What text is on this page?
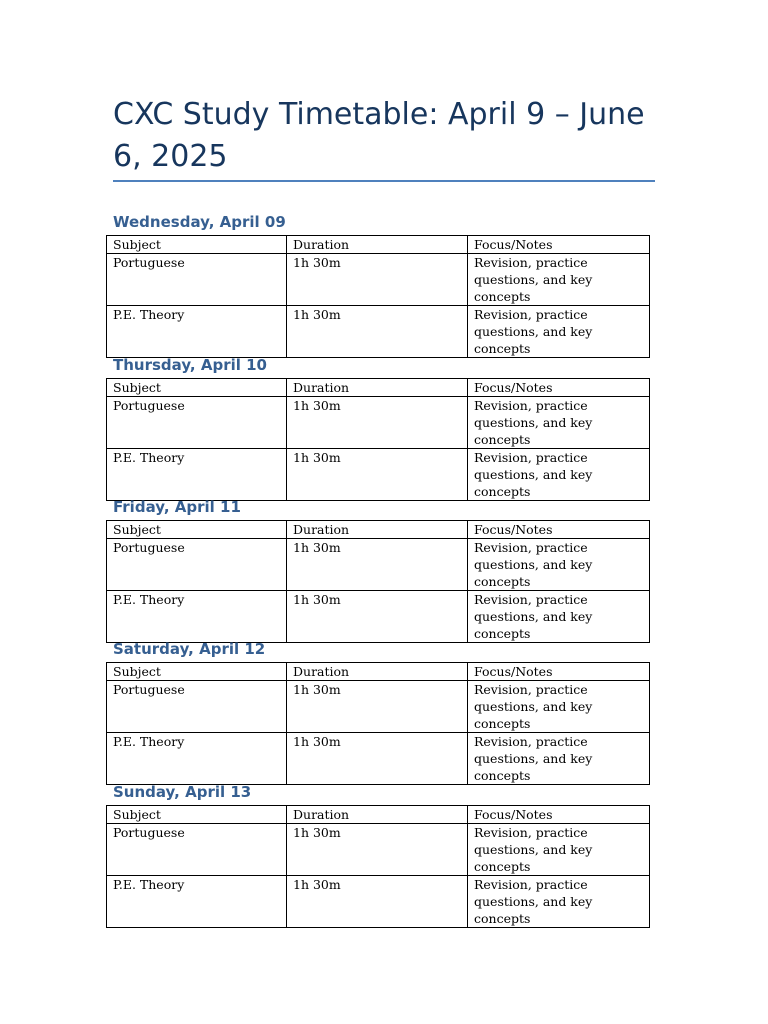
CXC Study Timetable: April 9 – June 6, 2025
Wednesday, April 09
Subject	Duration	Focus/Notes
Portuguese	1h 30m	Revision, practice questions, and key concepts
P.E. Theory	1h 30m	Revision, practice questions, and key concepts
Thursday, April 10
Subject	Duration	Focus/Notes
Portuguese	1h 30m	Revision, practice questions, and key concepts
P.E. Theory	1h 30m	Revision, practice questions, and key concepts
Friday, April 11
Subject	Duration	Focus/Notes
Portuguese	1h 30m	Revision, practice questions, and key concepts
P.E. Theory	1h 30m	Revision, practice questions, and key concepts
Saturday, April 12
Subject	Duration	Focus/Notes
Portuguese	1h 30m	Revision, practice questions, and key concepts
P.E. Theory	1h 30m	Revision, practice questions, and key concepts
Sunday, April 13
Subject	Duration	Focus/Notes
Portuguese	1h 30m	Revision, practice questions, and key concepts
P.E. Theory	1h 30m	Revision, practice questions, and key concepts
